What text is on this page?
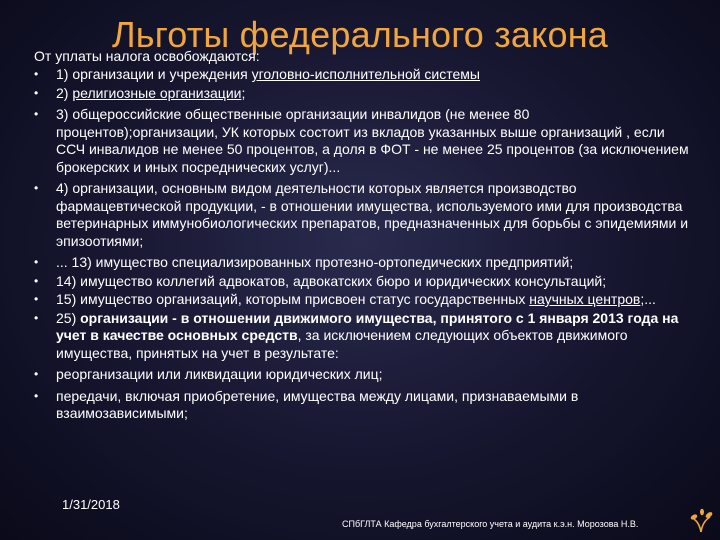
Льготы федерального закона
От уплаты налога освобождаются:
•	1) организации и учреждения уголовно-исполнительной системы
•	2) религиозные организации;
•	3) общероссийские общественные организации инвалидов (не менее 80 процентов);организации, УК которых состоит из вкладов указанных выше организаций , если ССЧ инвалидов не менее 50 процентов, а доля в ФОТ - не менее 25 процентов (за исключением брокерских и иных посреднических услуг)...
•	4) организации, основным видом деятельности которых является производство фармацевтической продукции, - в отношении имущества, используемого ими для производства ветеринарных иммунобиологических препаратов, предназначенных для борьбы с эпидемиями и эпизоотиями;
•	... 13) имущество специализированных протезно-ортопедических предприятий;
•	14) имущество коллегий адвокатов, адвокатских бюро и юридических консультаций;
•	15) имущество организаций, которым присвоен статус государственных научных центров;...
•	25) организации - в отношении движимого имущества, принятого с 1 января 2013 года на учет в качестве основных средств, за исключением следующих объектов движимого имущества, принятых на учет в результате:
•	реорганизации или ликвидации юридических лиц;
•	передачи, включая приобретение, имущества между лицами, признаваемыми в взаимозависимыми;
1/31/2018
СПбГЛТА Кафедра бухгалтерского учета и аудита к.э.н. Морозова Н.В.
